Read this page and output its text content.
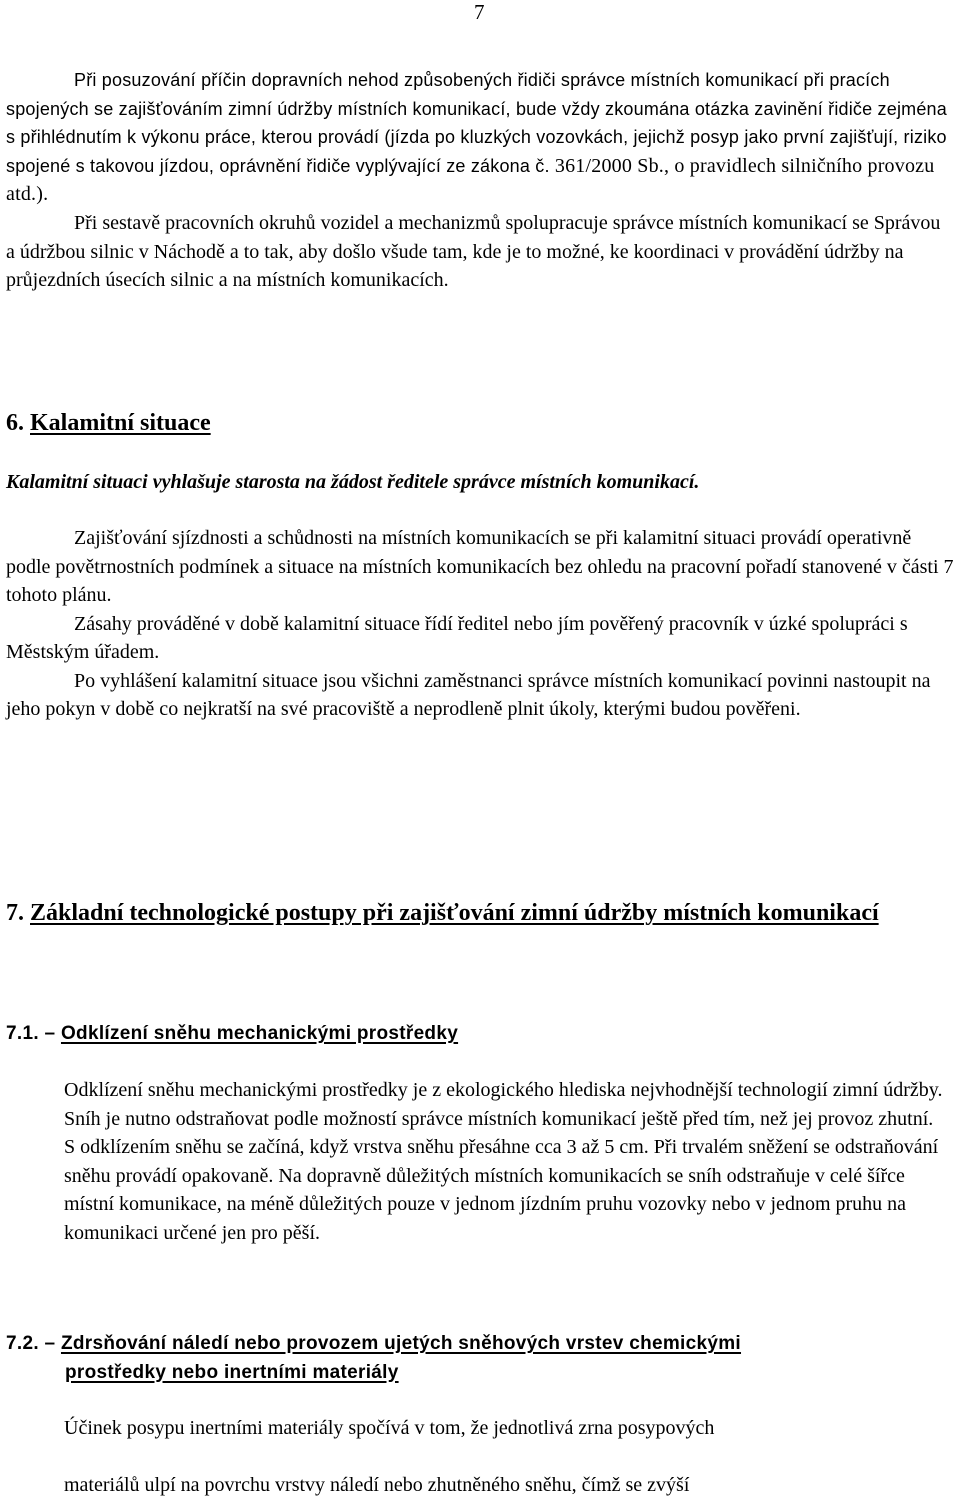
7

Při posuzování příčin dopravních nehod způsobených řidiči správce místních komunikací při pracích spojených se zajišťováním zimní údržby místních komunikací, bude vždy zkoumána otázka zavinění řidiče zejména s přihlédnutím k výkonu práce, kterou provádí (jízda po kluzkých vozovkách, jejichž posyp jako první zajišťují, riziko spojené s takovou jízdou, oprávnění řidiče vyplývající ze zákona č. 361/2000 Sb., o pravidlech silničního provozu atd.).

Při sestavě pracovních okruhů vozidel a mechanizmů spolupracuje správce místních komunikací se Správou a údržbou silnic v Náchodě a to tak, aby došlo všude tam, kde je to možné, ke koordinaci v provádění údržby na průjezdních úsecích silnic a na místních komunikacích.

6. Kalamitní situace
Kalamitní situaci vyhlašuje starosta na žádost ředitele správce místních komunikací.

Zajišťování sjízdnosti a schůdnosti na místních komunikacích se při kalamitní situaci provádí operativně podle povětrnostních podmínek a situace na místních komunikacích bez ohledu na pracovní pořadí stanovené v části 7 tohoto plánu.

Zásahy prováděné v době kalamitní situace řídí ředitel nebo jím pověřený pracovník v úzké spolupráci s Městským úřadem.

Po vyhlášení kalamitní situace jsou všichni zaměstnanci správce místních komunikací povinni nastoupit na jeho pokyn v době co nejkratší na své pracoviště a neprodleně plnit úkoly, kterými budou pověřeni.

7. Základní technologické postupy při zajišťování zimní údržby místních komunikací
7.1. – Odklízení sněhu mechanickými prostředky

Odklízení sněhu mechanickými prostředky je z ekologického hlediska nejvhodnější technologií zimní údržby. Sníh je nutno odstraňovat podle možností správce místních komunikací ještě před tím, než jej provoz zhutní.

S odklízením sněhu se začíná, když vrstva sněhu přesáhne cca 3 až 5 cm. Při trvalém sněžení se odstraňování sněhu provádí opakovaně. Na dopravně důležitých místních komunikacích se sníh odstraňuje v celé šířce místní komunikace, na méně důležitých pouze v jednom jízdním pruhu vozovky nebo v jednom pruhu na komunikaci určené jen pro pěší.

7.2. – Zdrsňování náledí nebo provozem ujetých sněhových vrstev chemickými
prostředky nebo inertními materiály
Účinek posypu inertními materiály spočívá v tom, že jednotlivá zrna posypových
materiálů ulpí na povrchu vrstvy náledí nebo zhutněného sněhu, čímž se zvýší
